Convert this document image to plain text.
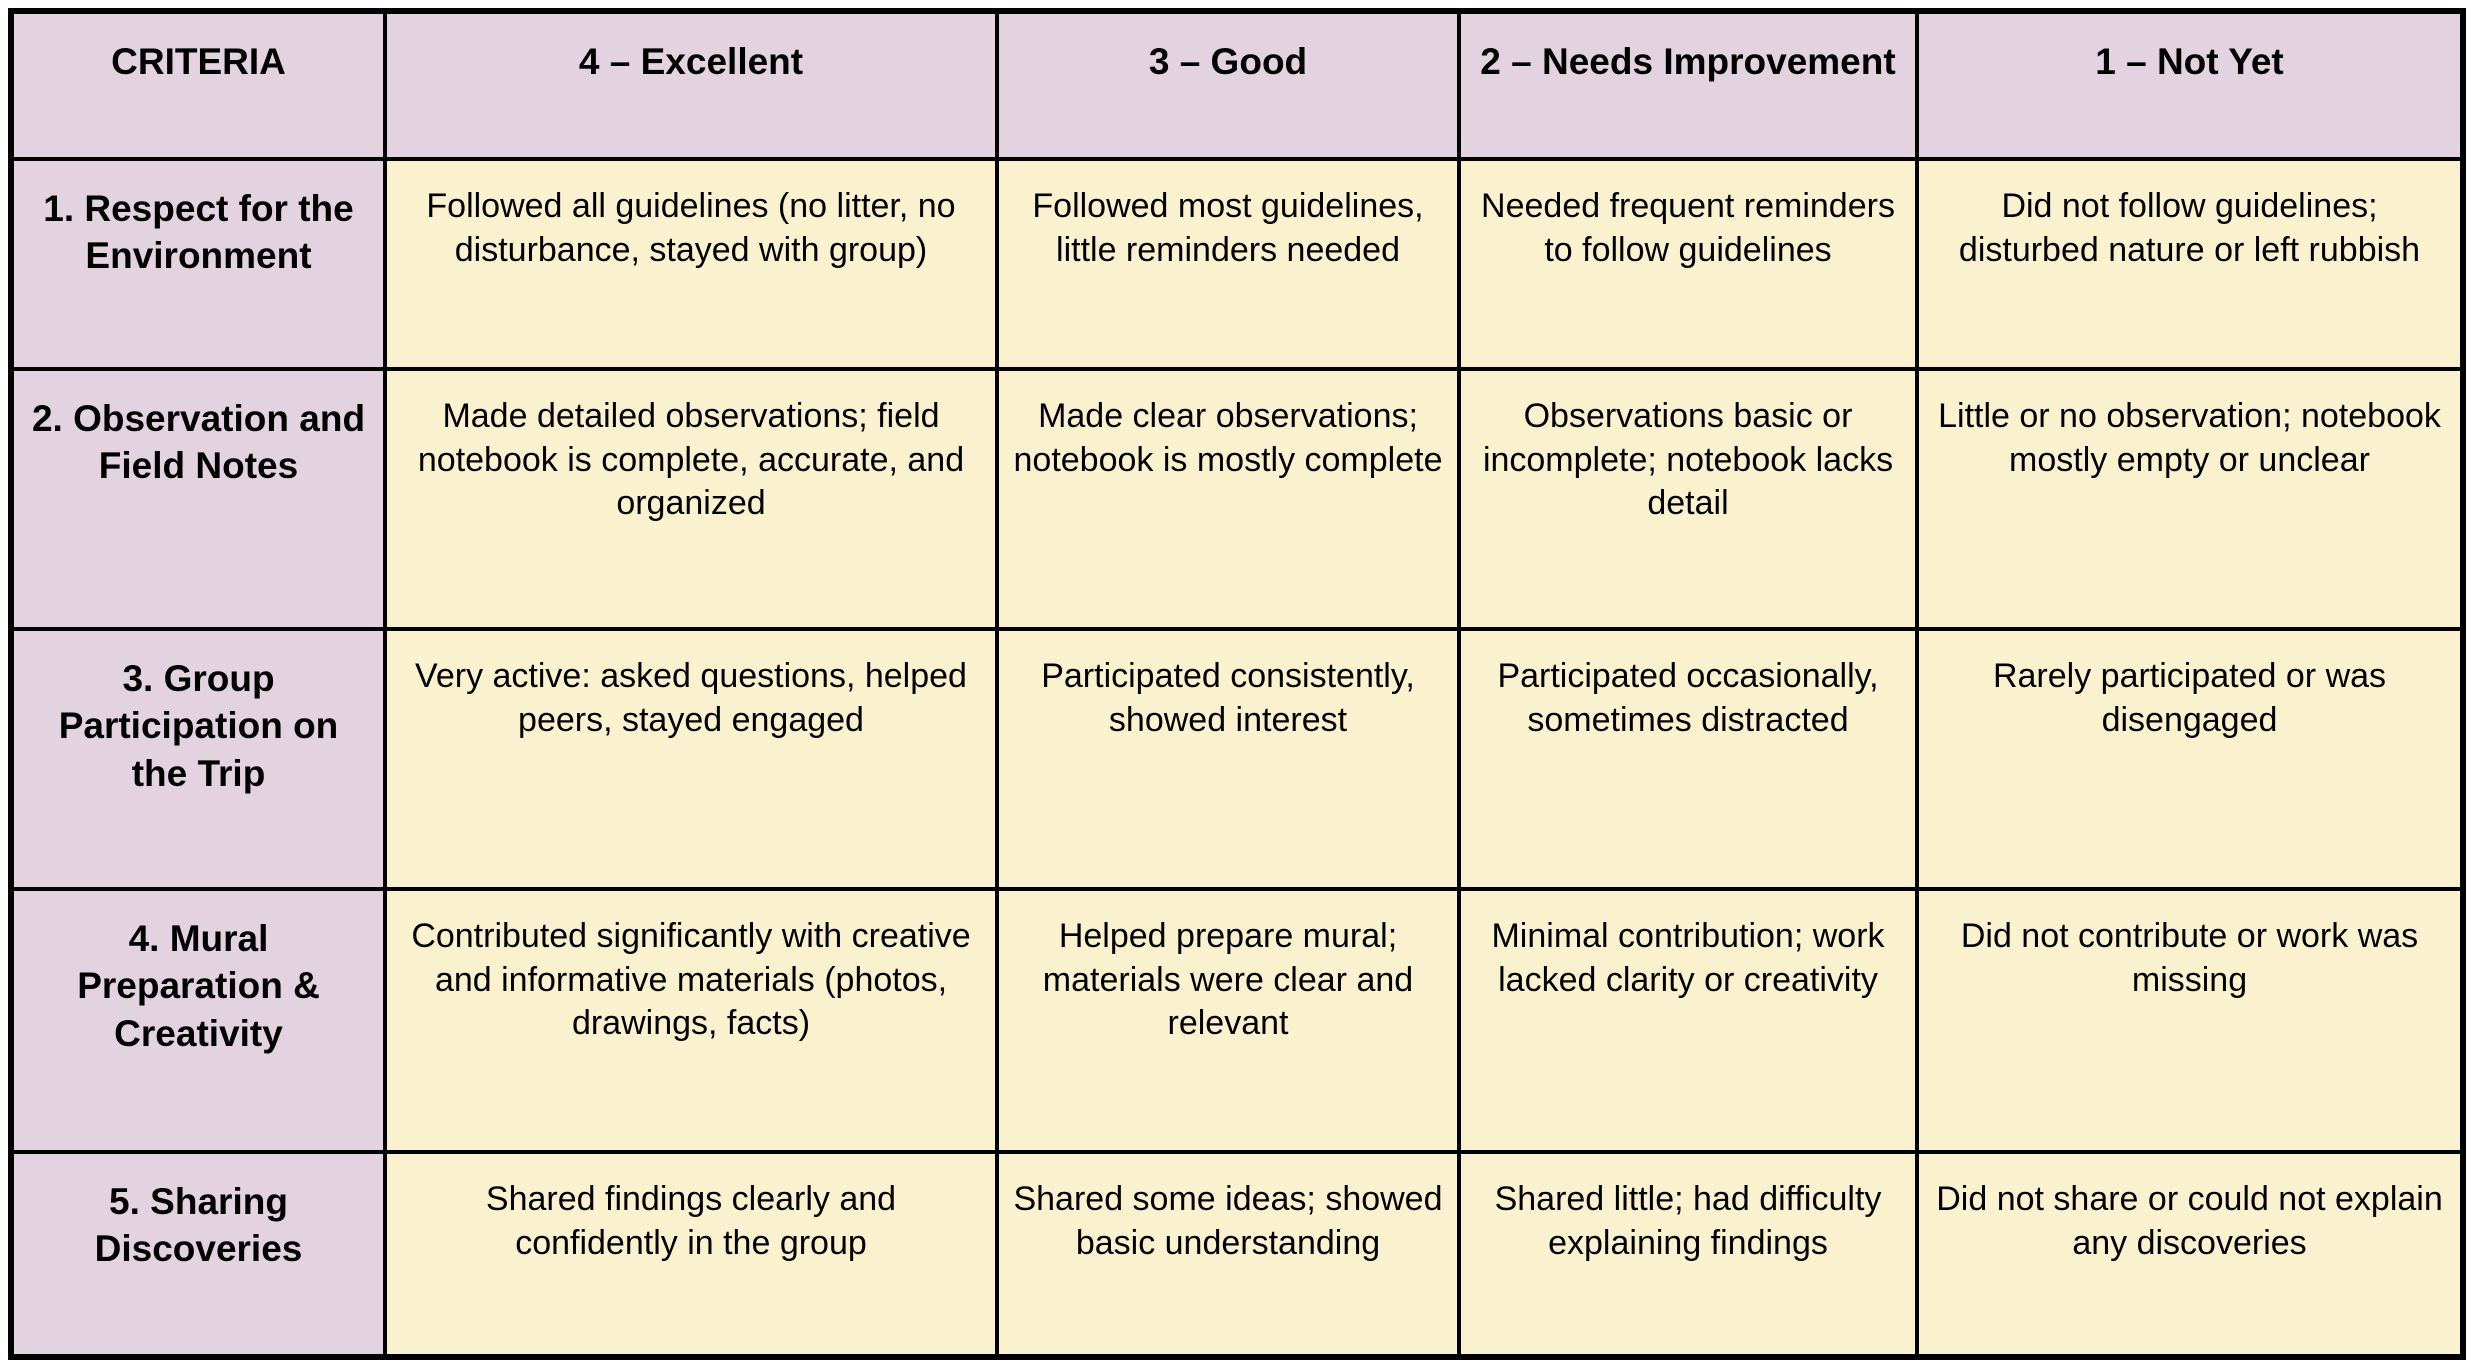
CRITERIA	4 – Excellent	3 – Good	2 – Needs Improvement	1 – Not Yet
1. Respect for the Environment	Followed all guidelines (no litter, no disturbance, stayed with group)	Followed most guidelines, little reminders needed	Needed frequent reminders to follow guidelines	Did not follow guidelines; disturbed nature or left rubbish
2. Observation and Field Notes	Made detailed observations; field notebook is complete, accurate, and organized	Made clear observations; notebook is mostly complete	Observations basic or incomplete; notebook lacks detail	Little or no observation; notebook mostly empty or unclear
3. Group Participation on the Trip	Very active: asked questions, helped peers, stayed engaged	Participated consistently, showed interest	Participated occasionally, sometimes distracted	Rarely participated or was disengaged
4. Mural Preparation & Creativity	Contributed significantly with creative and informative materials (photos, drawings, facts)	Helped prepare mural; materials were clear and relevant	Minimal contribution; work lacked clarity or creativity	Did not contribute or work was missing
5. Sharing Discoveries	Shared findings clearly and confidently in the group	Shared some ideas; showed basic understanding	Shared little; had difficulty explaining findings	Did not share or could not explain any discoveries
